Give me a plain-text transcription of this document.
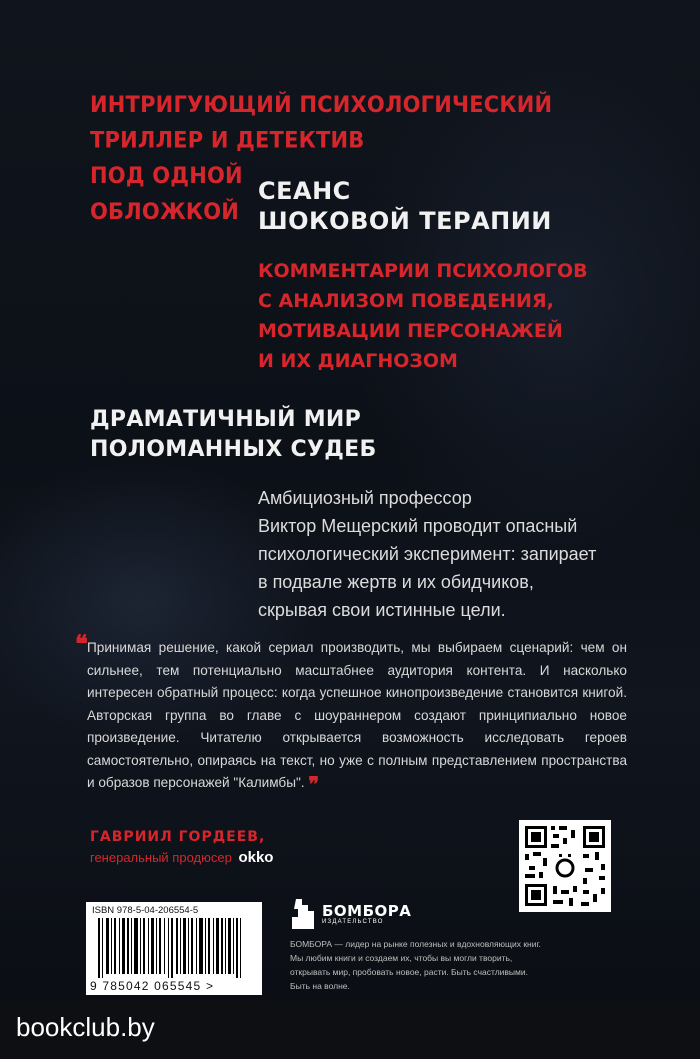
ИНТРИГУЮЩИЙ ПСИХОЛОГИЧЕСКИЙ
ТРИЛЛЕР И ДЕТЕКТИВ
ПОД ОДНОЙ
ОБЛОЖКОЙ
СЕАНС
ШОКОВОЙ ТЕРАПИИ
КОММЕНТАРИИ ПСИХОЛОГОВ
С АНАЛИЗОМ ПОВЕДЕНИЯ,
МОТИВАЦИИ ПЕРСОНАЖЕЙ
И ИХ ДИАГНОЗОМ
ДРАМАТИЧНЫЙ МИР
ПОЛОМАННЫХ СУДЕБ
Амбициозный профессор
Виктор Мещерский проводит опасный
психологический эксперимент: запирает
в подвале жертв и их обидчиков,
скрывая свои истинные цели.
❝ Принимая решение, какой сериал производить, мы выбираем сценарий: чем он сильнее, тем потенциально масштабнее аудитория контента. И насколько интересен обратный процесс: когда успешное кинопроизведение становится книгой. Авторская группа во главе с шоураннером создают принципиально новое произведение. Читателю открывается возможность исследовать героев самостоятельно, опираясь на текст, но уже с полным представлением пространства и образов персонажей "Калимбы". ❞
ГАВРИИЛ ГОРДЕЕВ,
генеральный продюсер okko
ISBN 978-5-04-206554-5
9 785042 065545 >
БОМБОРА
ИЗДАТЕЛЬСТВО
БОМБОРА — лидер на рынке полезных и вдохновляющих книг. Мы любим книги и создаем их, чтобы вы могли творить, открывать мир, пробовать новое, расти. Быть счастливыми. Быть на волне.
bookclub.by
